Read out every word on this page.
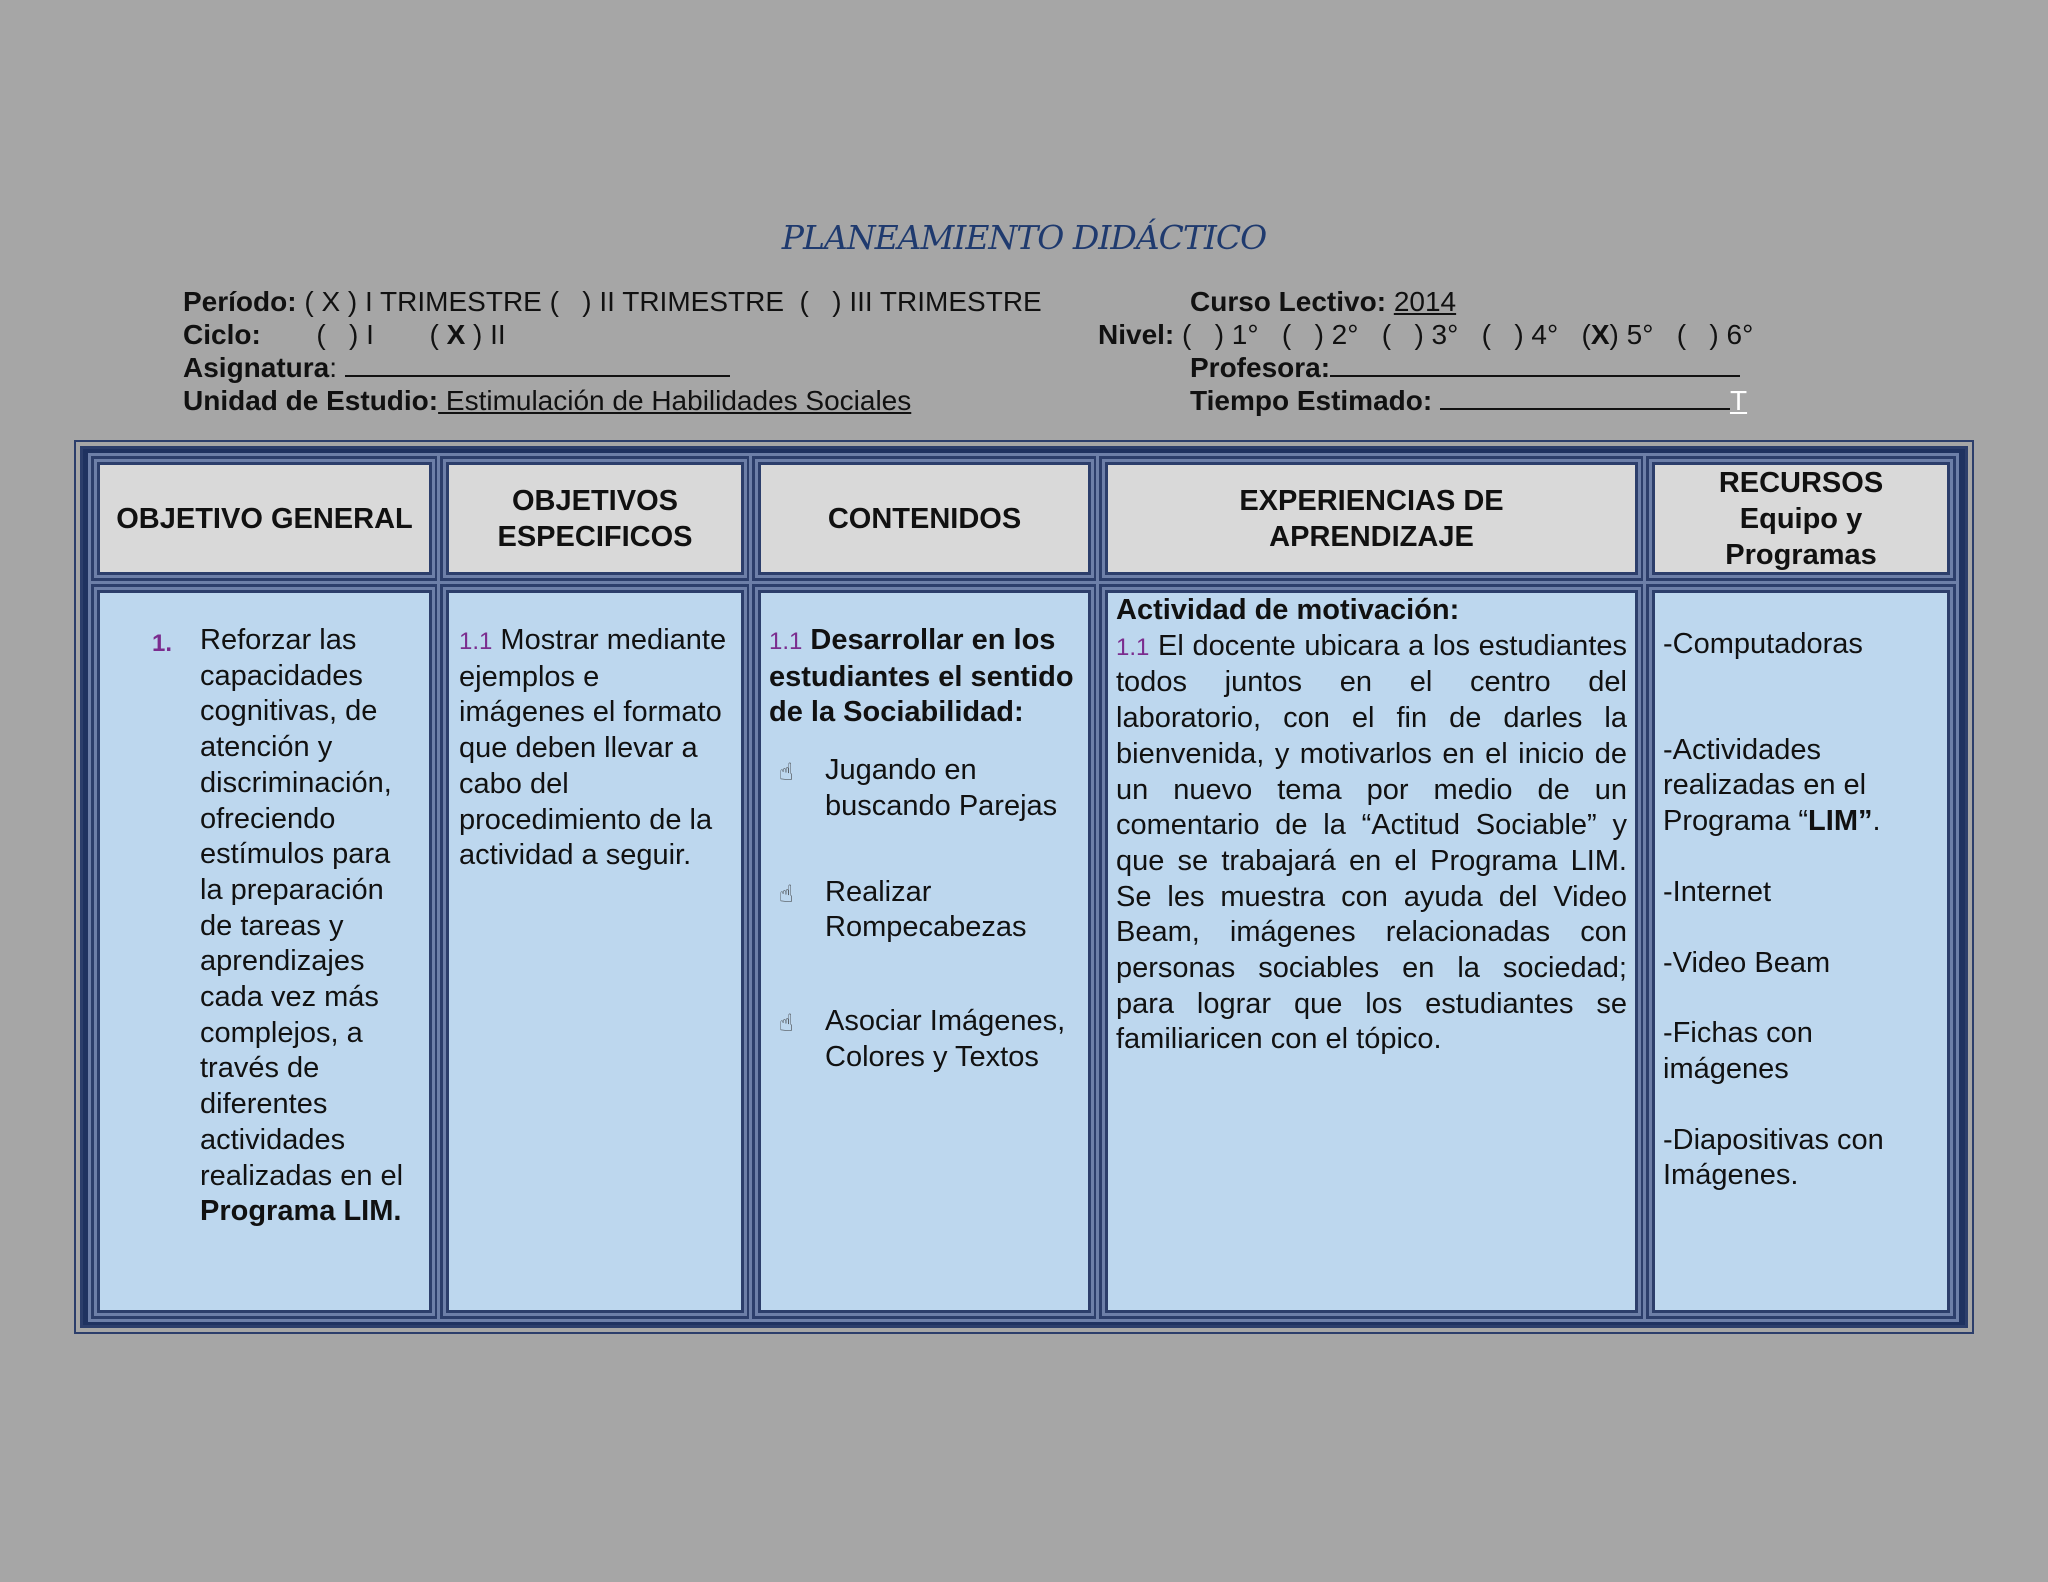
PLANEAMIENTO DIDÁCTICO
Período: ( X ) I TRIMESTRE (   ) II TRIMESTRE  (   ) III TRIMESTRE
Ciclo: (   ) I ( X ) II
Asignatura:
Unidad de Estudio: Estimulación de Habilidades Sociales
Curso Lectivo: 2014
Nivel: (   ) 1°   (   ) 2°   (   ) 3°   (   ) 4°   (X) 5°   (   ) 6°
Profesora:
Tiempo Estimado:	T
OBJETIVO GENERAL
OBJETIVOS ESPECIFICOS
CONTENIDOS
EXPERIENCIAS DE APRENDIZAJE
RECURSOS Equipo y Programas
1. Reforzar las capacidades cognitivas, de atención y discriminación, ofreciendo estímulos para la preparación de tareas y aprendizajes cada vez más complejos, a través de diferentes actividades realizadas en el Programa LIM.
1.1 Mostrar mediante ejemplos e imágenes el formato que deben llevar a cabo del procedimiento de la actividad a seguir.
1.1 Desarrollar en los estudiantes el sentido de la Sociabilidad:
☝ Jugando en buscando Parejas
☝ Realizar Rompecabezas
☝ Asociar Imágenes, Colores y Textos
Actividad de motivación:
1.1 El docente ubicara a los estudiantes todos juntos en el centro del laboratorio, con el fin de darles la bienvenida, y motivarlos en el inicio de un nuevo tema por medio de un comentario de la “Actitud Sociable” y que se trabajará en el Programa LIM. Se les muestra con ayuda del Video Beam, imágenes relacionadas con personas sociables en la sociedad; para lograr que los estudiantes se familiaricen con el tópico.

-Computadoras

-Actividades realizadas en el Programa “LIM”.

-Internet

-Video Beam

-Fichas con imágenes

-Diapositivas con Imágenes.
